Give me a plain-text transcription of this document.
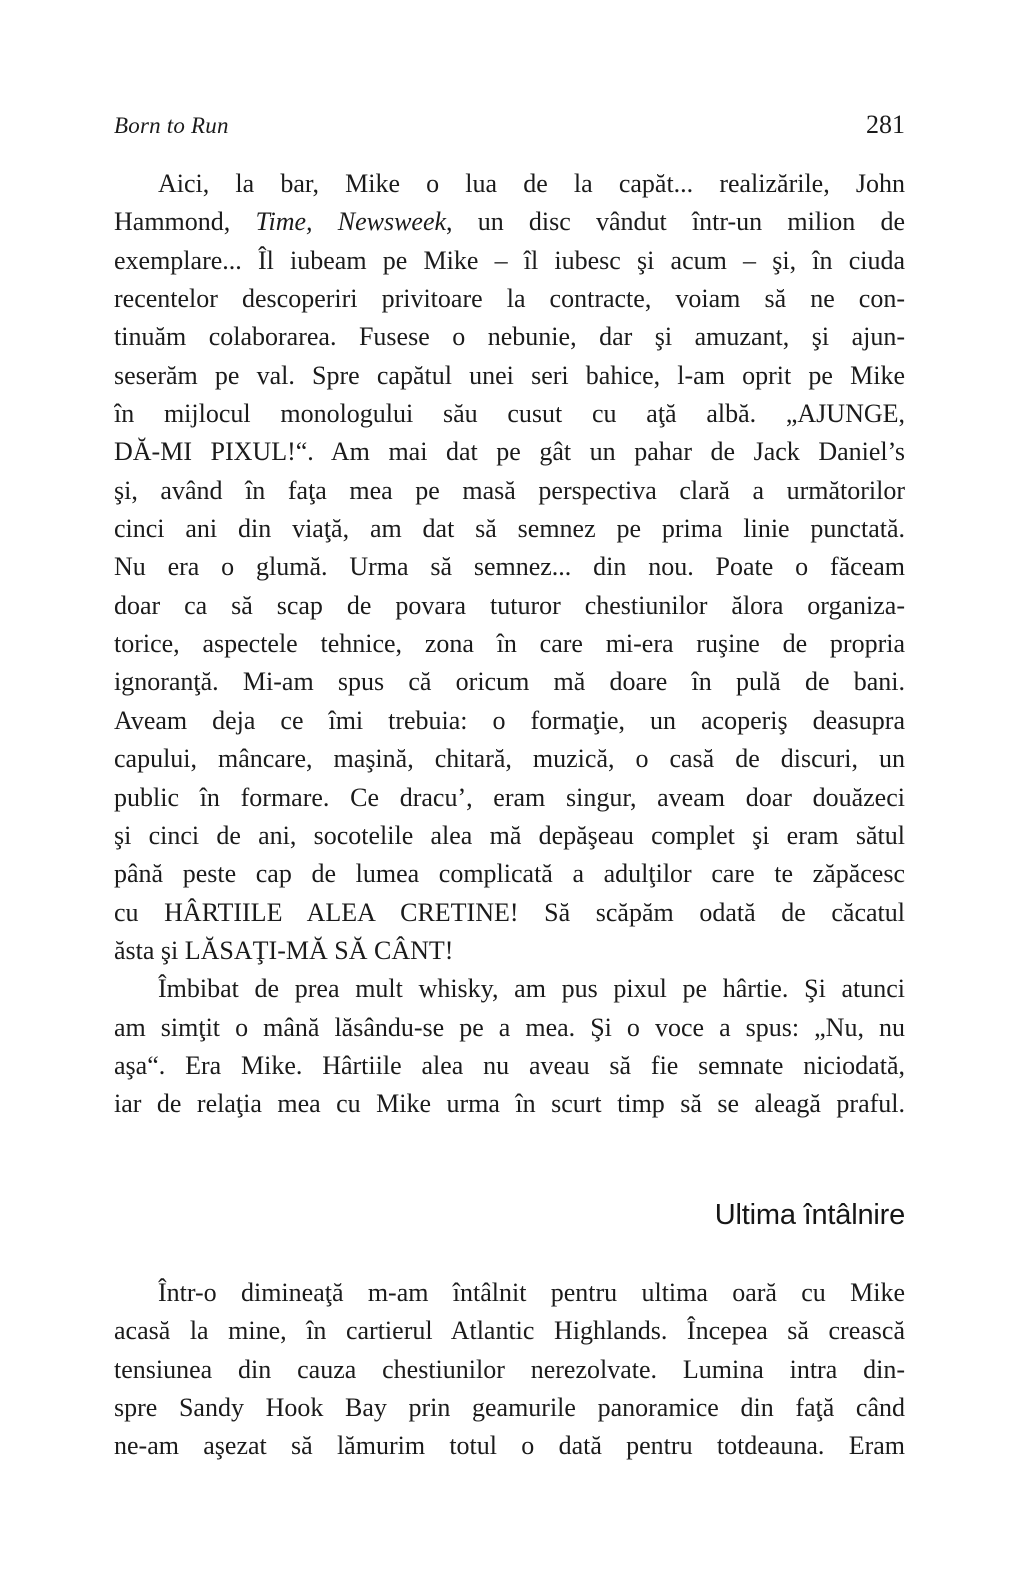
Born to Run	281
Aici, la bar, Mike o lua de la capăt... realizările, John
Hammond, Time, Newsweek, un disc vândut într-un milion de
exemplare... Îl iubeam pe Mike – îl iubesc şi acum – şi, în ciuda
recentelor descoperiri privitoare la contracte, voiam să ne con-
tinuăm colaborarea. Fusese o nebunie, dar şi amuzant, şi ajun-
seserăm pe val. Spre capătul unei seri bahice, l-am oprit pe Mike
în mijlocul monologului său cusut cu aţă albă. „AJUNGE,
DĂ-MI PIXUL!“. Am mai dat pe gât un pahar de Jack Daniel’s
şi, având în faţa mea pe masă perspectiva clară a următorilor
cinci ani din viaţă, am dat să semnez pe prima linie punctată.
Nu era o glumă. Urma să semnez... din nou. Poate o făceam
doar ca să scap de povara tuturor chestiunilor ălora organiza-
torice, aspectele tehnice, zona în care mi-era ruşine de propria
ignoranţă. Mi-am spus că oricum mă doare în pulă de bani.
Aveam deja ce îmi trebuia: o formaţie, un acoperiş deasupra
capului, mâncare, maşină, chitară, muzică, o casă de discuri, un
public în formare. Ce dracu’, eram singur, aveam doar douăzeci
şi cinci de ani, socotelile alea mă depăşeau complet şi eram sătul
până peste cap de lumea complicată a adulţilor care te zăpăcesc
cu HÂRTIILE ALEA CRETINE! Să scăpăm odată de căcatul
ăsta şi LĂSAŢI-MĂ SĂ CÂNT!
Îmbibat de prea mult whisky, am pus pixul pe hârtie. Şi atunci
am simţit o mână lăsându-se pe a mea. Şi o voce a spus: „Nu, nu
aşa“. Era Mike. Hârtiile alea nu aveau să fie semnate niciodată,
iar de relaţia mea cu Mike urma în scurt timp să se aleagă praful.
Ultima întâlnire
Într-o dimineaţă m-am întâlnit pentru ultima oară cu Mike
acasă la mine, în cartierul Atlantic Highlands. Începea să crească
tensiunea din cauza chestiunilor nerezolvate. Lumina intra din-
spre Sandy Hook Bay prin geamurile panoramice din faţă când
ne-am aşezat să lămurim totul o dată pentru totdeauna. Eram
